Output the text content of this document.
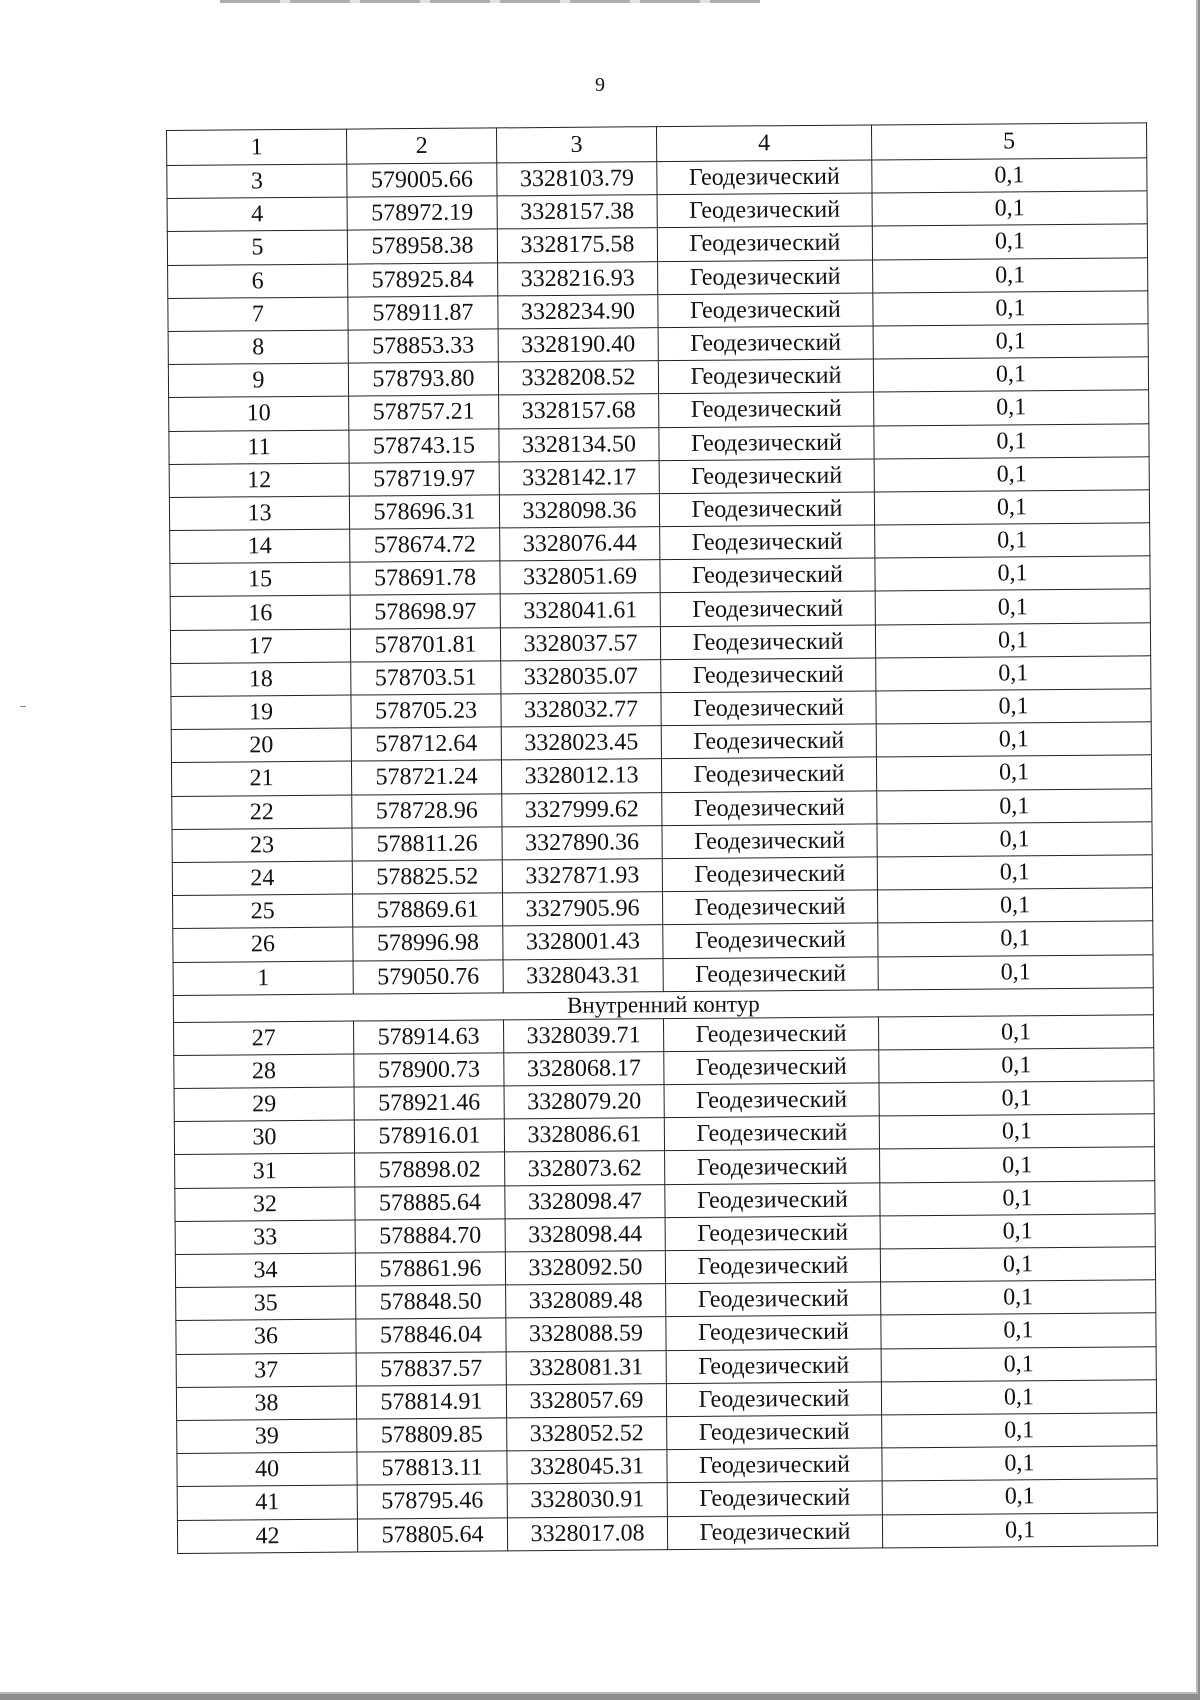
9
1	2	3	4	5
3	579005.66	3328103.79	Геодезический	0,1
4	578972.19	3328157.38	Геодезический	0,1
5	578958.38	3328175.58	Геодезический	0,1
6	578925.84	3328216.93	Геодезический	0,1
7	578911.87	3328234.90	Геодезический	0,1
8	578853.33	3328190.40	Геодезический	0,1
9	578793.80	3328208.52	Геодезический	0,1
10	578757.21	3328157.68	Геодезический	0,1
11	578743.15	3328134.50	Геодезический	0,1
12	578719.97	3328142.17	Геодезический	0,1
13	578696.31	3328098.36	Геодезический	0,1
14	578674.72	3328076.44	Геодезический	0,1
15	578691.78	3328051.69	Геодезический	0,1
16	578698.97	3328041.61	Геодезический	0,1
17	578701.81	3328037.57	Геодезический	0,1
18	578703.51	3328035.07	Геодезический	0,1
19	578705.23	3328032.77	Геодезический	0,1
20	578712.64	3328023.45	Геодезический	0,1
21	578721.24	3328012.13	Геодезический	0,1
22	578728.96	3327999.62	Геодезический	0,1
23	578811.26	3327890.36	Геодезический	0,1
24	578825.52	3327871.93	Геодезический	0,1
25	578869.61	3327905.96	Геодезический	0,1
26	578996.98	3328001.43	Геодезический	0,1
1	579050.76	3328043.31	Геодезический	0,1
Внутренний контур				
27	578914.63	3328039.71	Геодезический	0,1
28	578900.73	3328068.17	Геодезический	0,1
29	578921.46	3328079.20	Геодезический	0,1
30	578916.01	3328086.61	Геодезический	0,1
31	578898.02	3328073.62	Геодезический	0,1
32	578885.64	3328098.47	Геодезический	0,1
33	578884.70	3328098.44	Геодезический	0,1
34	578861.96	3328092.50	Геодезический	0,1
35	578848.50	3328089.48	Геодезический	0,1
36	578846.04	3328088.59	Геодезический	0,1
37	578837.57	3328081.31	Геодезический	0,1
38	578814.91	3328057.69	Геодезический	0,1
39	578809.85	3328052.52	Геодезический	0,1
40	578813.11	3328045.31	Геодезический	0,1
41	578795.46	3328030.91	Геодезический	0,1
42	578805.64	3328017.08	Геодезический	0,1
